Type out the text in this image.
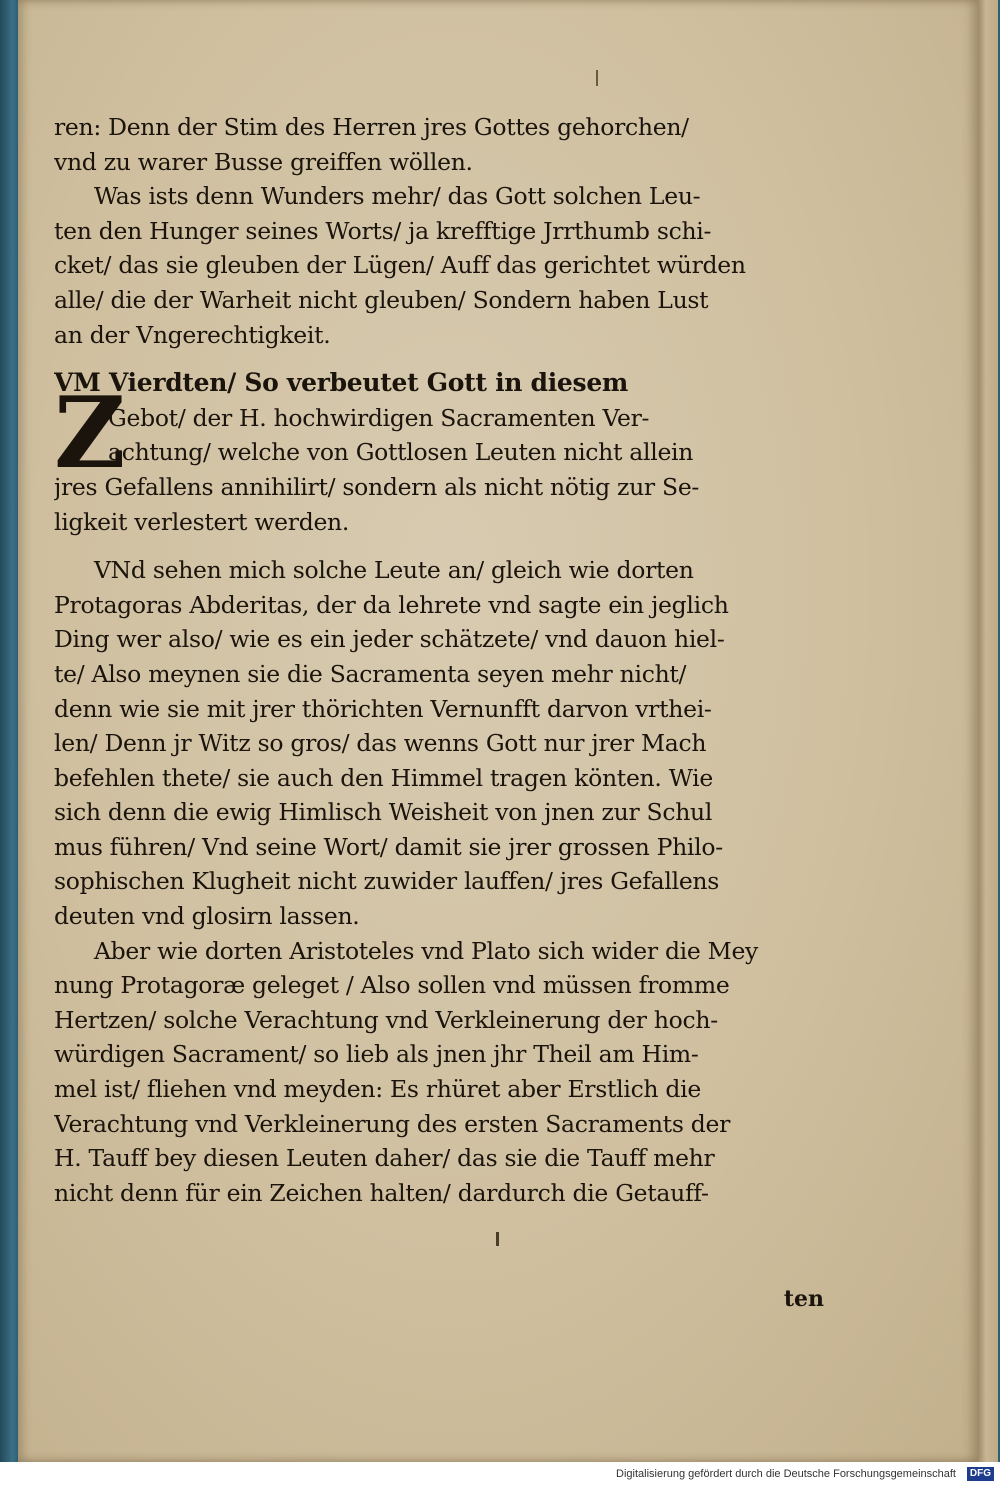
ren: Denn der Stim des Herren jres Gottes gehorchen/
vnd zu warer Busse greiffen wöllen.
Was ists denn Wunders mehr/ das Gott solchen Leu-
ten den Hunger seines Worts/ ja krefftige Jrrthumb schi-
cket/ das sie gleuben der Lügen/ Auff das gerichtet würden
alle/ die der Warheit nicht gleuben/ Sondern haben Lust
an der Vngerechtigkeit.
Z
VM Vierdten/ So verbeutet Gott in diesem
Gebot/ der H. hochwirdigen Sacramenten Ver-
achtung/ welche von Gottlosen Leuten nicht allein
jres Gefallens annihilirt/ sondern als nicht nötig zur Se-
ligkeit verlestert werden.
VNd sehen mich solche Leute an/ gleich wie dorten
Protagoras Abderitas, der da lehrete vnd sagte ein jeglich
Ding wer also/ wie es ein jeder schätzete/ vnd dauon hiel-
te/ Also meynen sie die Sacramenta seyen mehr nicht/
denn wie sie mit jrer thörichten Vernunfft darvon vrthei-
len/ Denn jr Witz so gros/ das wenns Gott nur jrer Mach
befehlen thete/ sie auch den Himmel tragen könten. Wie
sich denn die ewig Himlisch Weisheit von jnen zur Schul
mus führen/ Vnd seine Wort/ damit sie jrer grossen Philo-
sophischen Klugheit nicht zuwider lauffen/ jres Gefallens
deuten vnd glosirn lassen.
Aber wie dorten Aristoteles vnd Plato sich wider die Mey
nung Protagoræ geleget / Also sollen vnd müssen fromme
Hertzen/ solche Verachtung vnd Verkleinerung der hoch-
würdigen Sacrament/ so lieb als jnen jhr Theil am Him-
mel ist/ fliehen vnd meyden: Es rhüret aber Erstlich die
Verachtung vnd Verkleinerung des ersten Sacraments der
H. Tauff bey diesen Leuten daher/ das sie die Tauff mehr
nicht denn für ein Zeichen halten/ dardurch die Getauff-
ten
Digitalisierung gefördert durch die Deutsche Forschungsgemeinschaft	DFG
